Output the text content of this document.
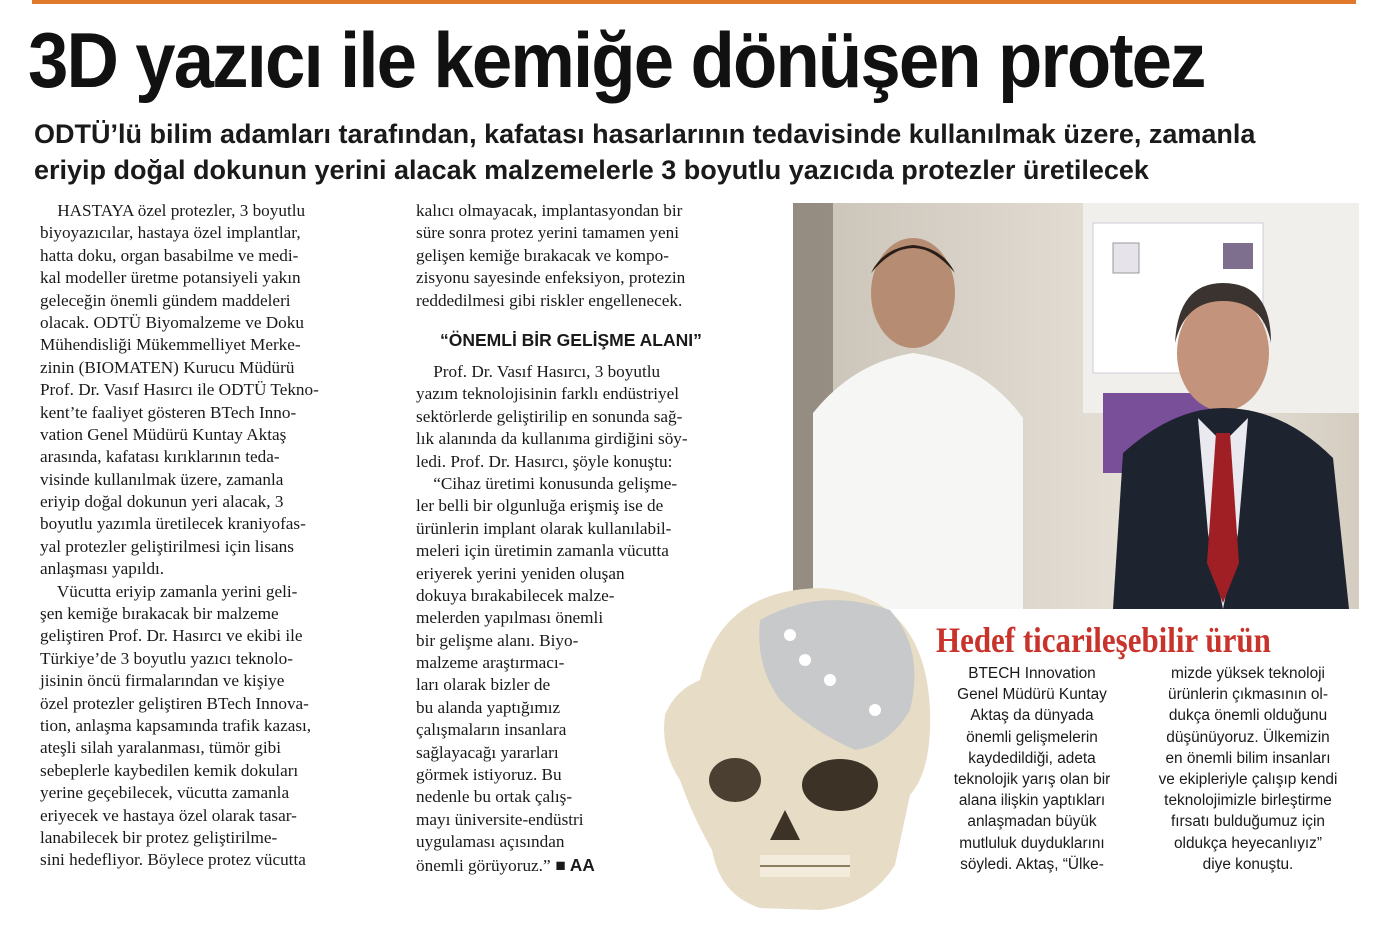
3D yazıcı ile kemiğe dönüşen protez
ODTÜ’lü bilim adamları tarafından, kafatası hasarlarının tedavisinde kullanılmak üzere, zamanla
eriyip doğal dokunun yerini alacak malzemelerle 3 boyutlu yazıcıda protezler üretilecek
HASTAYA özel protezler, 3 boyutlu
biyoyazıcılar, hastaya özel implantlar,
hatta doku, organ basabilme ve medi-
kal modeller üretme potansiyeli yakın
geleceğin önemli gündem maddeleri
olacak. ODTÜ Biyomalzeme ve Doku
Mühendisliği Mükemmelliyet Merke-
zinin (BIOMATEN) Kurucu Müdürü
Prof. Dr. Vasıf Hasırcı ile ODTÜ Tekno-
kent’te faaliyet gösteren BTech Inno-
vation Genel Müdürü Kuntay Aktaş
arasında, kafatası kırıklarının teda-
visinde kullanılmak üzere, zamanla
eriyip doğal dokunun yeri alacak, 3
boyutlu yazımla üretilecek kraniyofas-
yal protezler geliştirilmesi için lisans
anlaşması yapıldı.
Vücutta eriyip zamanla yerini geli-
şen kemiğe bırakacak bir malzeme
geliştiren Prof. Dr. Hasırcı ve ekibi ile
Türkiye’de 3 boyutlu yazıcı teknolo-
jisinin öncü firmalarından ve kişiye
özel protezler geliştiren BTech Innova-
tion, anlaşma kapsamında trafik kazası,
ateşli silah yaralanması, tümör gibi
sebeplerle kaybedilen kemik dokuları
yerine geçebilecek, vücutta zamanla
eriyecek ve hastaya özel olarak tasar-
lanabilecek bir protez geliştirilme-
sini hedefliyor. Böylece protez vücutta
kalıcı olmayacak, implantasyondan bir
süre sonra protez yerini tamamen yeni
gelişen kemiğe bırakacak ve kompo-
zisyonu sayesinde enfeksiyon, protezin
reddedilmesi gibi riskler engellenecek.
“ÖNEMLİ BİR GELİŞME ALANI”
Prof. Dr. Vasıf Hasırcı, 3 boyutlu
yazım teknolojisinin farklı endüstriyel
sektörlerde geliştirilip en sonunda sağ-
lık alanında da kullanıma girdiğini söy-
ledi. Prof. Dr. Hasırcı, şöyle konuştu:
“Cihaz üretimi konusunda gelişme-
ler belli bir olgunluğa erişmiş ise de
ürünlerin implant olarak kullanılabil-
meleri için üretimin zamanla vücutta
eriyerek yerini yeniden oluşan
dokuya bırakabilecek malze-
melerden yapılması önemli
bir gelişme alanı. Biyo-
malzeme araştırmacı-
ları olarak bizler de
bu alanda yaptığımız
çalışmaların insanlara
sağlayacağı yararları
görmek istiyoruz. Bu
nedenle bu ortak çalış-
mayı üniversite-endüstri
uygulaması açısından
önemli görüyoruz.” ■ AA
Hedef ticarileşebilir ürün
BTECH Innovation
Genel Müdürü Kuntay
Aktaş da dünyada
önemli gelişmelerin
kaydedildiği, adeta
teknolojik yarış olan bir
alana ilişkin yaptıkları
anlaşmadan büyük
mutluluk duyduklarını
söyledi. Aktaş, “Ülke-
mizde yüksek teknoloji
ürünlerin çıkmasının ol-
dukça önemli olduğunu
düşünüyoruz. Ülkemizin
en önemli bilim insanları
ve ekipleriyle çalışıp kendi
teknolojimizle birleştirme
fırsatı bulduğumuz için
oldukça heyecanlıyız”
diye konuştu.
